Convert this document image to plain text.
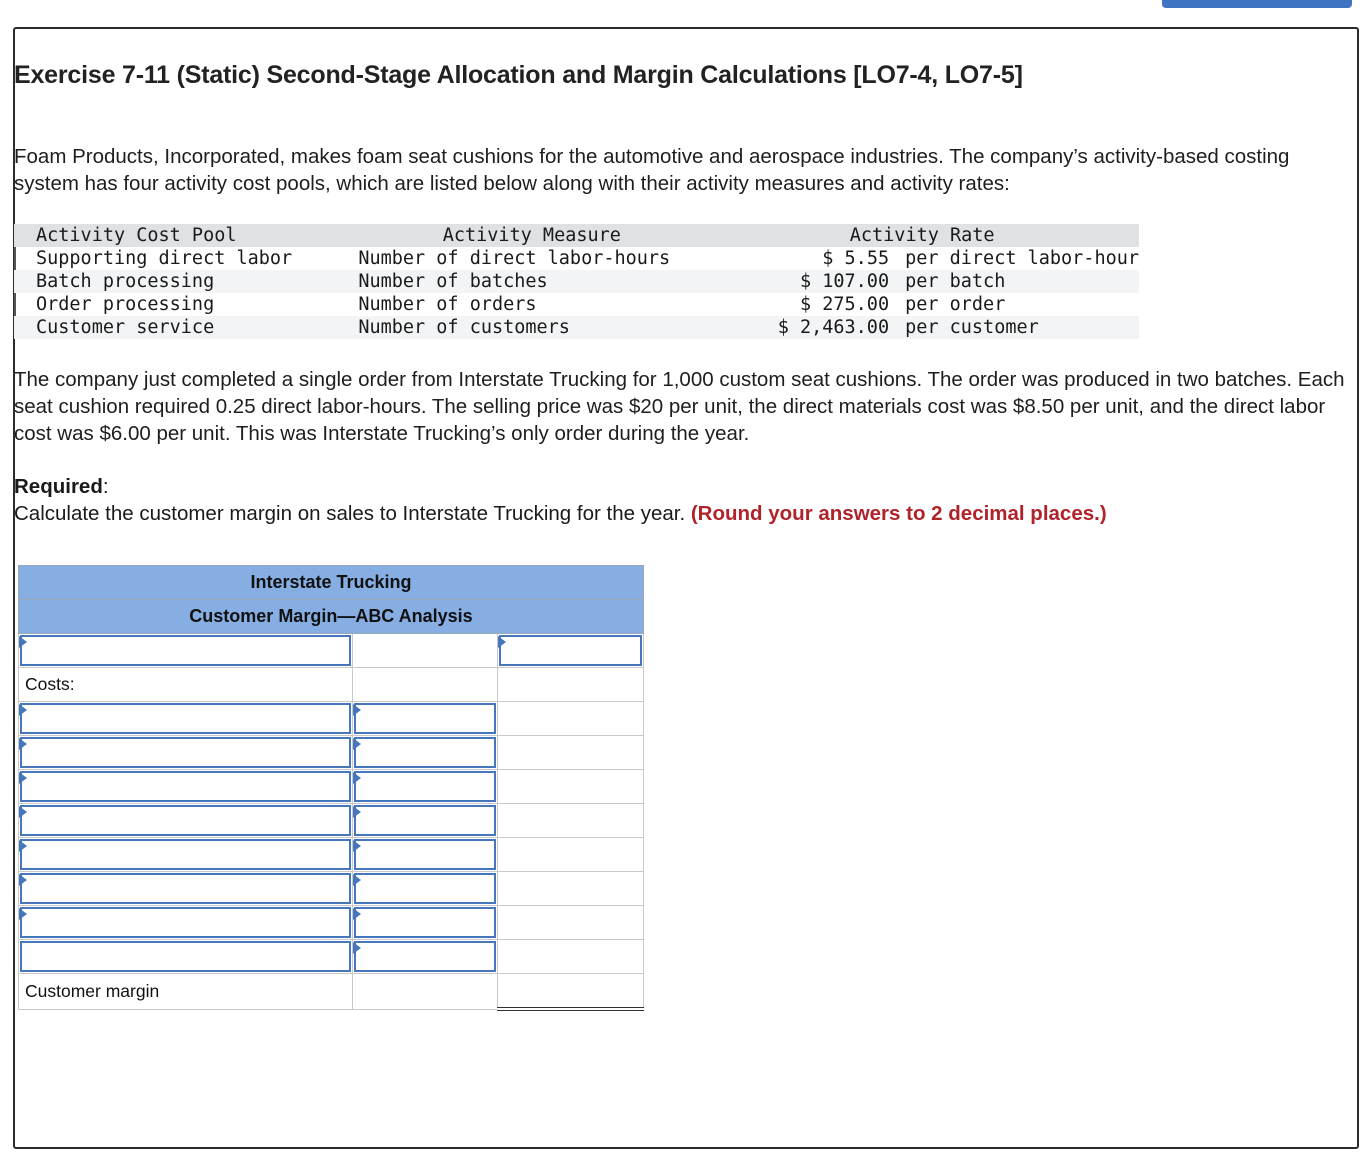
Exercise 7-11 (Static) Second-Stage Allocation and Margin Calculations [LO7-4, LO7-5]

Foam Products, Incorporated, makes foam seat cushions for the automotive and aerospace industries. The company’s activity-based costing system has four activity cost pools, which are listed below along with their activity measures and activity rates:

Activity Cost Pool	Activity Measure	Activity Rate	
Supporting direct labor	Number of direct labor-hours	$ 5.55	per direct labor-hour
Batch processing	Number of batches	$ 107.00	per batch
Order processing	Number of orders	$ 275.00	per order
Customer service	Number of customers	$ 2,463.00	per customer

The company just completed a single order from Interstate Trucking for 1,000 custom seat cushions. The order was produced in two batches. Each seat cushion required 0.25 direct labor-hours. The selling price was $20 per unit, the direct materials cost was $8.50 per unit, and the direct labor cost was $6.00 per unit. This was Interstate Trucking’s only order during the year.

Required:
Calculate the customer margin on sales to Interstate Trucking for the year. (Round your answers to 2 decimal places.)
Interstate Trucking		
Customer Margin—ABC Analysis		

Costs:		

Customer margin		
